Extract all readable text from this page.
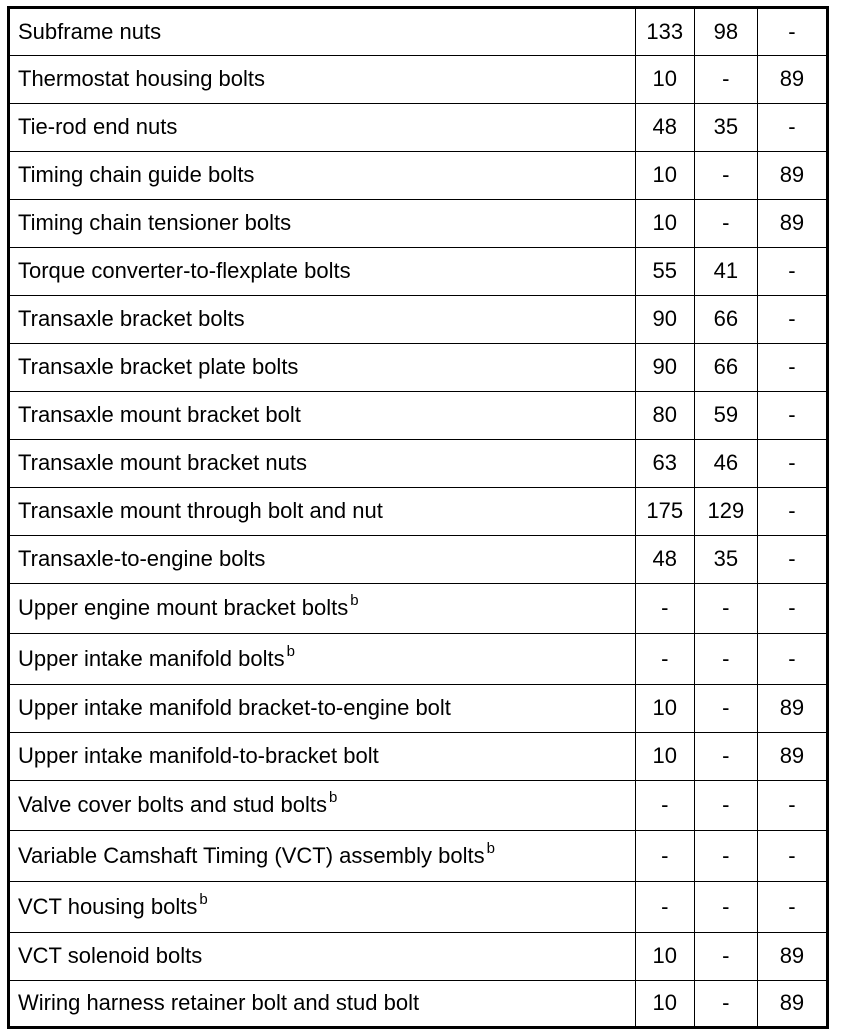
Subframe nuts	133	98	-
Thermostat housing bolts	10	-	89
Tie-rod end nuts	48	35	-
Timing chain guide bolts	10	-	89
Timing chain tensioner bolts	10	-	89
Torque converter-to-flexplate bolts	55	41	-
Transaxle bracket bolts	90	66	-
Transaxle bracket plate bolts	90	66	-
Transaxle mount bracket bolt	80	59	-
Transaxle mount bracket nuts	63	46	-
Transaxle mount through bolt and nut	175	129	-
Transaxle-to-engine bolts	48	35	-
Upper engine mount bracket bolts $^b$	-	-	-
Upper intake manifold bolts $^b$	-	-	-
Upper intake manifold bracket-to-engine bolt	10	-	89
Upper intake manifold-to-bracket bolt	10	-	89
Valve cover bolts and stud bolts $^b$	-	-	-
Variable Camshaft Timing (VCT) assembly bolts $^b$	-	-	-
VCT housing bolts $^b$	-	-	-
VCT solenoid bolts	10	-	89
Wiring harness retainer bolt and stud bolt	10	-	89
